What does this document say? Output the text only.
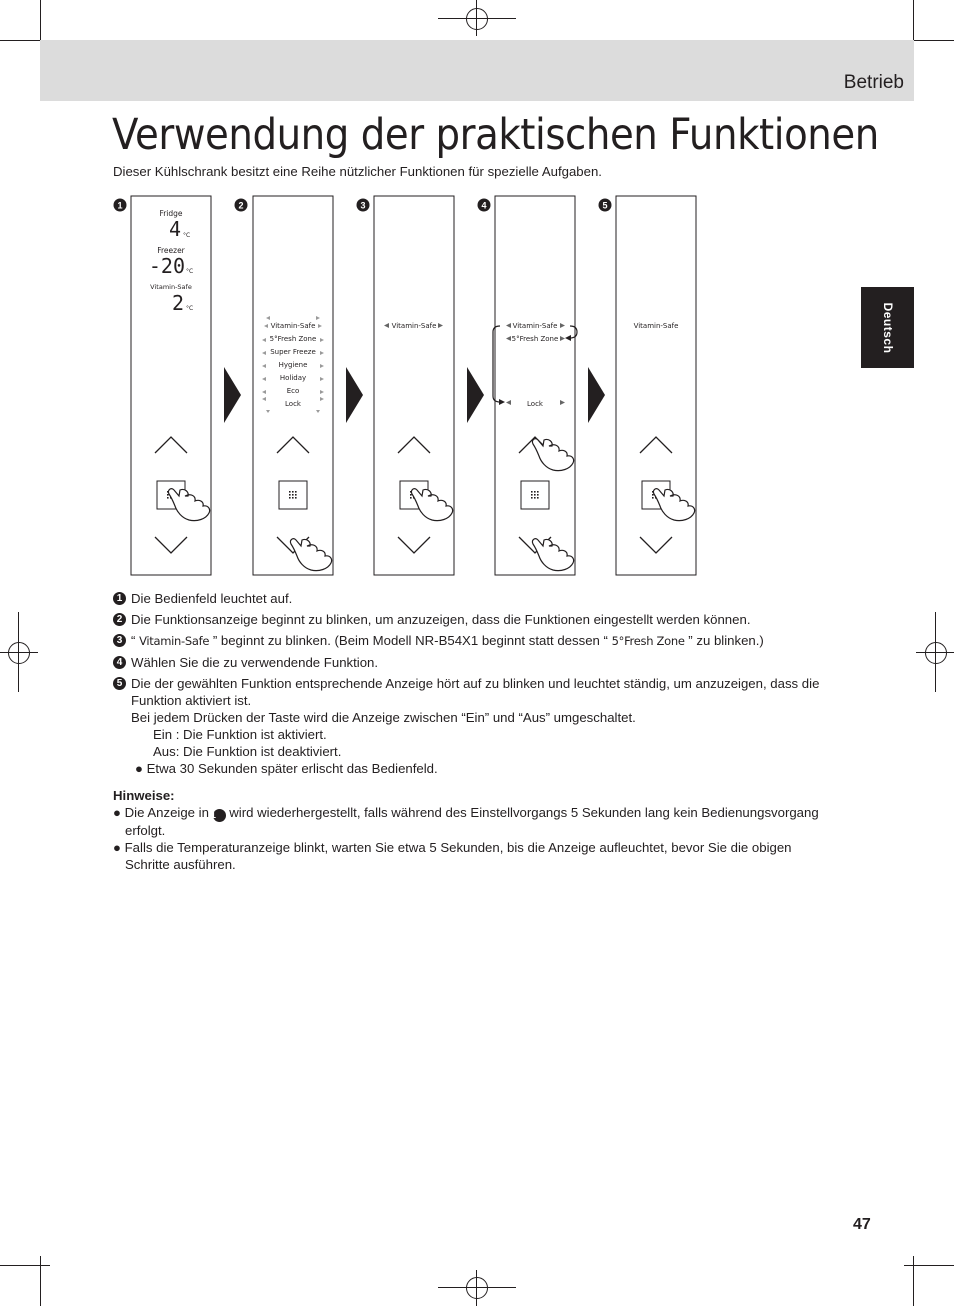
Betrieb
Deutsch
Verwendung der praktischen Funktionen
Dieser Kühlschrank besitzt eine Reihe nützlicher Funktionen für spezielle Aufgaben.
1	2	3	4	5
Fridge
4 °C
Freezer
-20 °C
Vitamin-Safe
2 °C
Vitamin-Safe
5°Fresh Zone
Super Freeze
Hygiene
Holiday
Eco
Lock
Vitamin-Safe	Vitamin-Safe
5°Fresh Zone
Lock
Vitamin-Safe
1 Die Bedienfeld leuchtet auf.
2 Die Funktionsanzeige beginnt zu blinken, um anzuzeigen, dass die Funktionen eingestellt werden können.
3 “ Vitamin-Safe ” beginnt zu blinken. (Beim Modell NR-B54X1 beginnt statt dessen “ 5°Fresh Zone ” zu blinken.)
4 Wählen Sie die zu verwendende Funktion.
5 Die der gewählten Funktion entsprechende Anzeige hört auf zu blinken und leuchtet ständig, um anzuzeigen, dass die Funktion aktiviert ist.
Bei jedem Drücken der Taste wird die Anzeige zwischen “Ein” und “Aus” umgeschaltet.
Ein : Die Funktion ist aktiviert.
Aus: Die Funktion ist deaktiviert.
● Etwa 30 Sekunden später erlischt das Bedienfeld.
Hinweise:
● Die Anzeige in 1 wird wiederhergestellt, falls während des Einstellvorgangs 5 Sekunden lang kein Bedienungsvorgang erfolgt.
● Falls die Temperaturanzeige blinkt, warten Sie etwa 5 Sekunden, bis die Anzeige aufleuchtet, bevor Sie die obigen Schritte ausführen.
47
